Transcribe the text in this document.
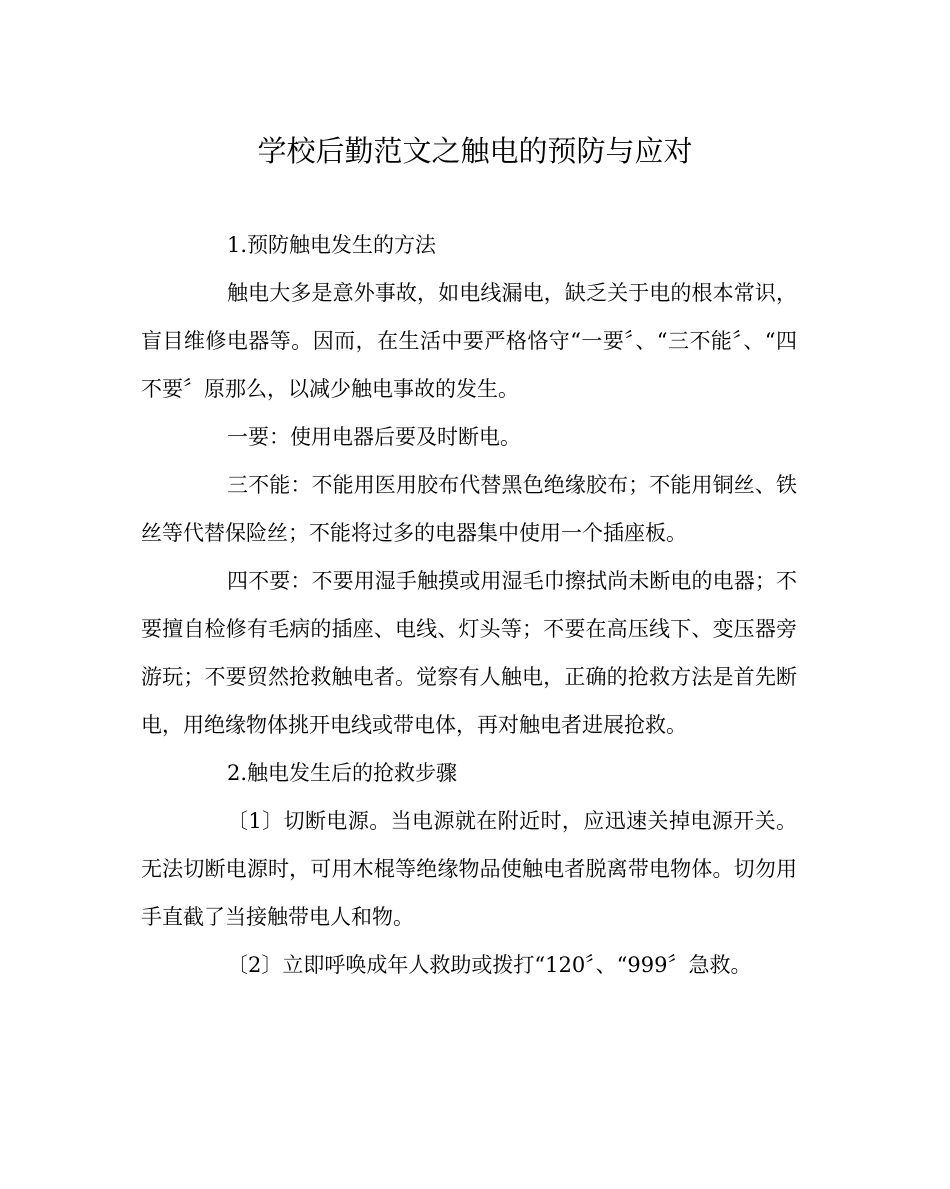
学校后勤范文之触电的预防与应对

1.预防触电发生的方法

触电大多是意外事故，如电线漏电，缺乏关于电的根本常识，盲目维修电器等。因而，在生活中要严格恪守“一要〞、“三不能〞、“四不要〞原那么，以减少触电事故的发生。

一要：使用电器后要及时断电。

三不能：不能用医用胶布代替黑色绝缘胶布；不能用铜丝、铁丝等代替保险丝；不能将过多的电器集中使用一个插座板。

四不要：不要用湿手触摸或用湿毛巾擦拭尚未断电的电器；不要擅自检修有毛病的插座、电线、灯头等；不要在高压线下、变压器旁游玩；不要贸然抢救触电者。觉察有人触电，正确的抢救方法是首先断电，用绝缘物体挑开电线或带电体，再对触电者进展抢救。

2.触电发生后的抢救步骤

〔1〕切断电源。当电源就在附近时，应迅速关掉电源开关。无法切断电源时，可用木棍等绝缘物品使触电者脱离带电物体。切勿用手直截了当接触带电人和物。

〔2〕立即呼唤成年人救助或拨打“120〞、“999〞急救。
